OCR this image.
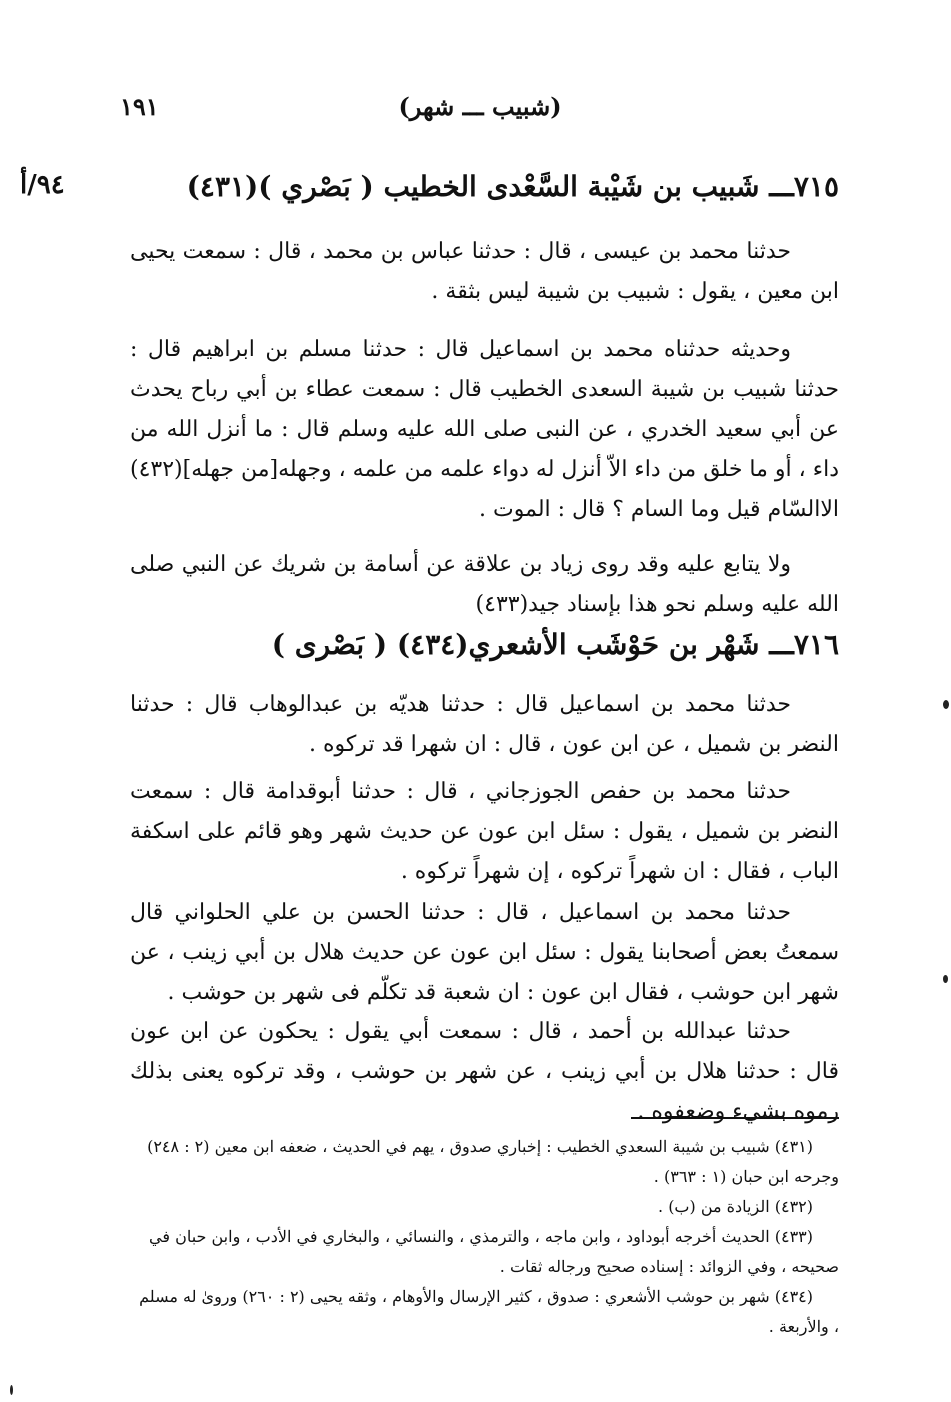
١٩١	(شبيب ـــ شهر)
٩٤/أ	٧١٥ـــ شَبيب بن شَيْبة السَّعْدى الخطيب ( بَصْري )(٤٣١)

حدثنا محمد بن عيسى ، قال : حدثنا عباس بن محمد ، قال : سمعت يحيى ابن معين ، يقول : شبيب بن شيبة ليس بثقة .

وحديثه حدثناه محمد بن اسماعيل قال : حدثنا مسلم بن ابراهيم قال : حدثنا شبيب بن شيبة السعدى الخطيب قال : سمعت عطاء بن أبي رباح يحدث عن أبي سعيد الخدري ، عن النبى صلى الله عليه وسلم قال : ما أنزل الله من داء ، أو ما خلق من داء الاّ أنزل له دواء علمه من علمه ، وجهله[من جهله](٤٣٢) الاالسّام قيل وما السام ؟ قال : الموت .

ولا يتابع عليه وقد روى زياد بن علاقة عن أسامة بن شريك عن النبي صلى الله عليه وسلم نحو هذا بإسناد جيد(٤٣٣)

٧١٦ـــ شَهْر بن حَوْشَب الأشعري(٤٣٤) ( بَصْرى )

حدثنا محمد بن اسماعيل قال : حدثنا هديّه بن عبدالوهاب قال : حدثنا النضر بن شميل ، عن ابن عون ، قال : ان شهرا قد تركوه .

حدثنا محمد بن حفص الجوزجاني ، قال : حدثنا أبوقدامة قال : سمعت النضر بن شميل ، يقول : سئل ابن عون عن حديث شهر وهو قائم على اسكفة الباب ، فقال : ان شهراً تركوه ، إن شهراً تركوه .

حدثنا محمد بن اسماعيل ، قال : حدثنا الحسن بن علي الحلواني قال سمعتُ بعض أصحابنا يقول : سئل ابن عون عن حديث هلال بن أبي زينب ، عن شهر ابن حوشب ، فقال ابن عون : ان شعبة قد تكلّم فى شهر بن حوشب .

حدثنا عبدالله بن أحمد ، قال : سمعت أبي يقول : يحكون عن ابن عون قال : حدثنا هلال بن أبي زينب ، عن شهر بن حوشب ، وقد تركوه يعنى بذلك رموه بشيء وضعفوه .

(٤٣١) شبيب بن شيبة السعدي الخطيب : إخباري صدوق ، يهم في الحديث ، ضعفه ابن معين (٢ : ٢٤٨) وجرحه ابن حبان (١ : ٣٦٣) .

(٤٣٢) الزيادة من (ب) .

(٤٣٣) الحديث أخرجه أبوداود ، وابن ماجه ، والترمذي ، والنسائي ، والبخاري في الأدب ، وابن حبان في صحيحه ، وفي الزوائد : إسناده صحيح ورجاله ثقات .

(٤٣٤) شهر بن حوشب الأشعري : صدوق ، كثير الإرسال والأوهام ، وثقه يحيى (٢ : ٢٦٠) وروىٰ له مسلم ، والأربعة .
